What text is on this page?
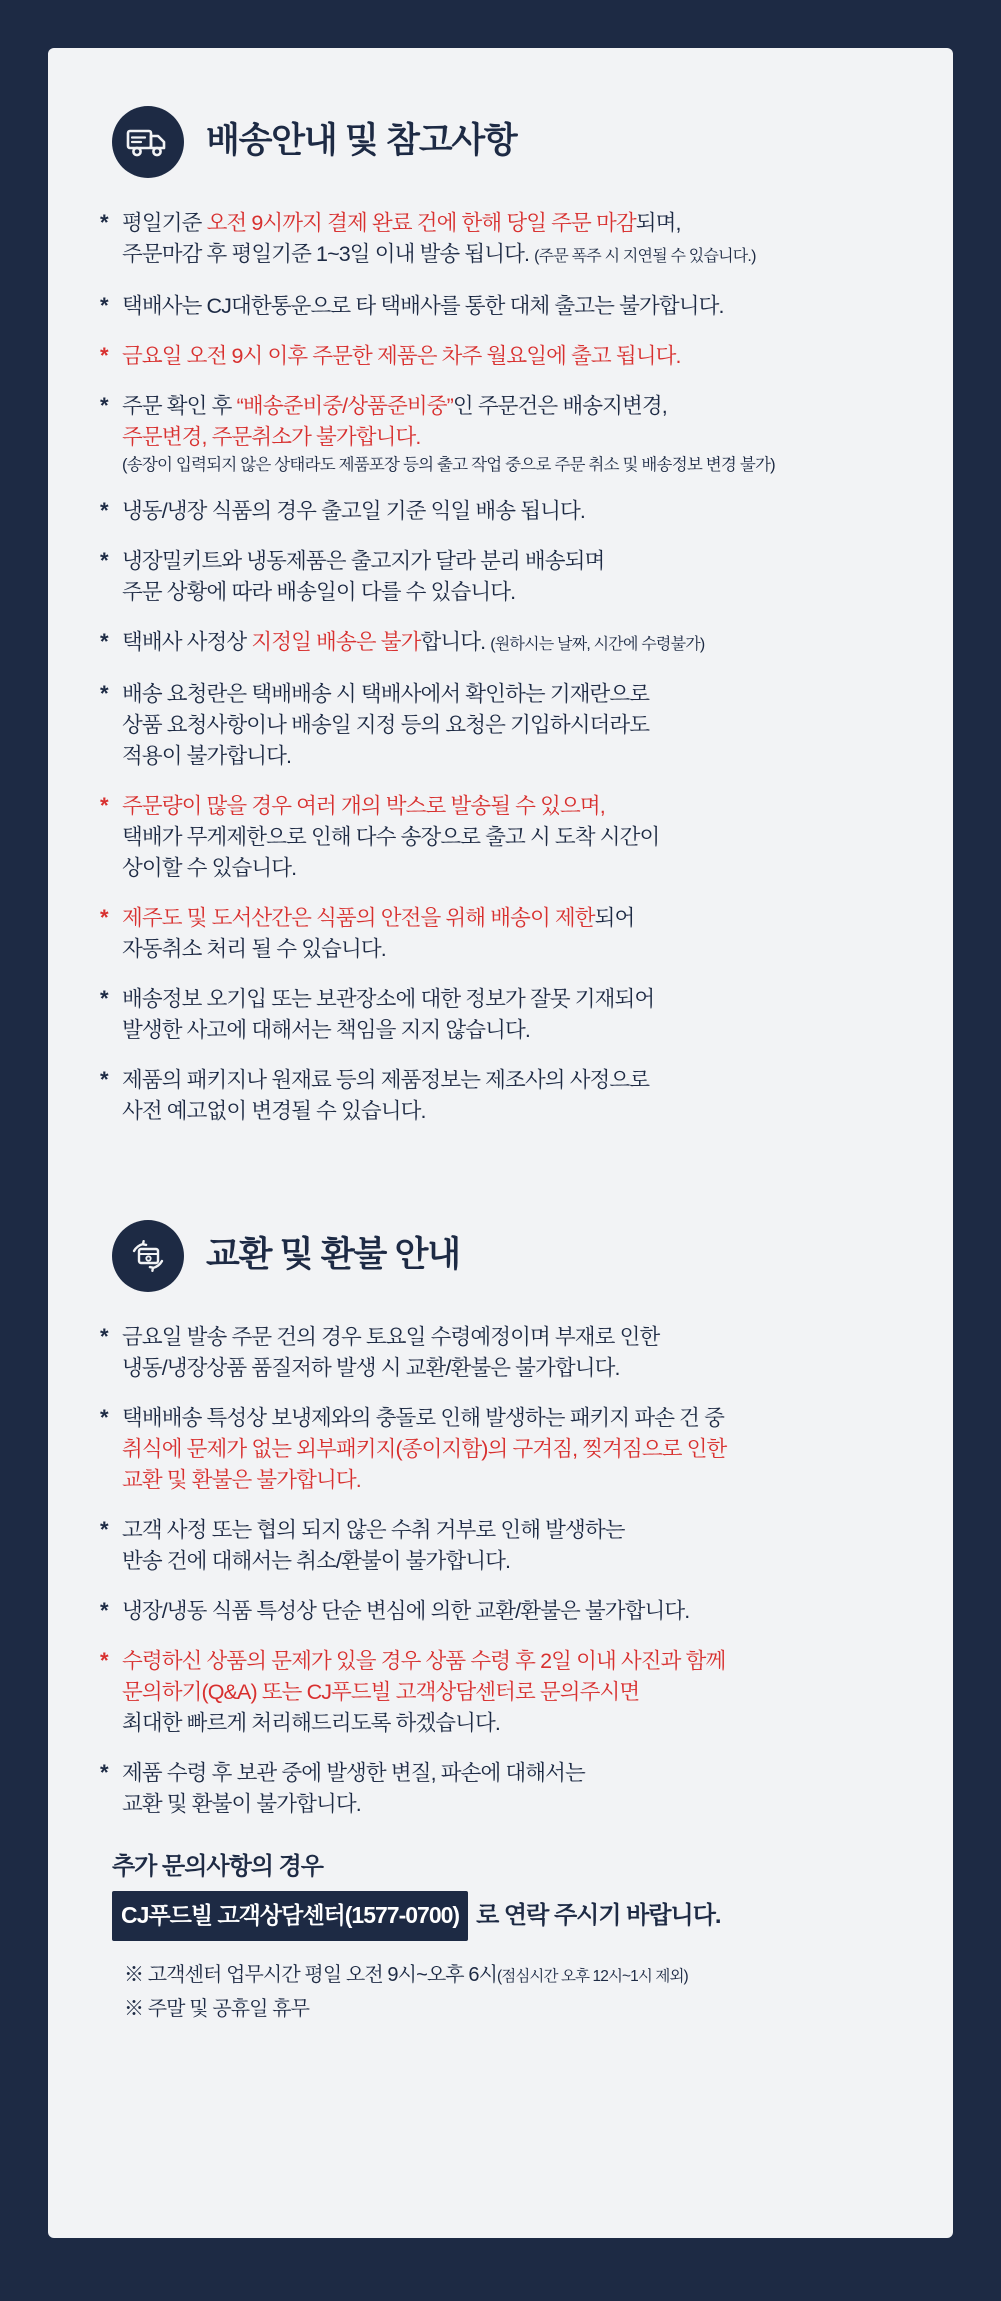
배송안내 및 참고사항
* 평일기준 오전 9시까지 결제 완료 건에 한해 당일 주문 마감되며,
주문마감 후 평일기준 1~3일 이내 발송 됩니다. (주문 폭주 시 지연될 수 있습니다.)
* 택배사는 CJ대한통운으로 타 택배사를 통한 대체 출고는 불가합니다.
* 금요일 오전 9시 이후 주문한 제품은 차주 월요일에 출고 됩니다.
* 주문 확인 후 “배송준비중/상품준비중”인 주문건은 배송지변경,
주문변경, 주문취소가 불가합니다.
(송장이 입력되지 않은 상태라도 제품포장 등의 출고 작업 중으로 주문 취소 및 배송정보 변경 불가)
* 냉동/냉장 식품의 경우 출고일 기준 익일 배송 됩니다.
* 냉장밀키트와 냉동제품은 출고지가 달라 분리 배송되며
주문 상황에 따라 배송일이 다를 수 있습니다.
* 택배사 사정상 지정일 배송은 불가합니다. (원하시는 날짜, 시간에 수령불가)
* 배송 요청란은 택배배송 시 택배사에서 확인하는 기재란으로
상품 요청사항이나 배송일 지정 등의 요청은 기입하시더라도
적용이 불가합니다.
* 주문량이 많을 경우 여러 개의 박스로 발송될 수 있으며,
택배가 무게제한으로 인해 다수 송장으로 출고 시 도착 시간이
상이할 수 있습니다.
* 제주도 및 도서산간은 식품의 안전을 위해 배송이 제한되어
자동취소 처리 될 수 있습니다.
* 배송정보 오기입 또는 보관장소에 대한 정보가 잘못 기재되어
발생한 사고에 대해서는 책임을 지지 않습니다.
* 제품의 패키지나 원재료 등의 제품정보는 제조사의 사정으로
사전 예고없이 변경될 수 있습니다.
교환 및 환불 안내
* 금요일 발송 주문 건의 경우 토요일 수령예정이며 부재로 인한
냉동/냉장상품 품질저하 발생 시 교환/환불은 불가합니다.
* 택배배송 특성상 보냉제와의 충돌로 인해 발생하는 패키지 파손 건 중
취식에 문제가 없는 외부패키지(종이지함)의 구겨짐, 찢겨짐으로 인한
교환 및 환불은 불가합니다.
* 고객 사정 또는 협의 되지 않은 수취 거부로 인해 발생하는
반송 건에 대해서는 취소/환불이 불가합니다.
* 냉장/냉동 식품 특성상 단순 변심에 의한 교환/환불은 불가합니다.
* 수령하신 상품의 문제가 있을 경우 상품 수령 후 2일 이내 사진과 함께
문의하기(Q&A) 또는 CJ푸드빌 고객상담센터로 문의주시면
최대한 빠르게 처리해드리도록 하겠습니다.
* 제품 수령 후 보관 중에 발생한 변질, 파손에 대해서는
교환 및 환불이 불가합니다.
추가 문의사항의 경우
CJ푸드빌 고객상담센터(1577-0700) 로 연락 주시기 바랍니다.
※ 고객센터 업무시간 평일 오전 9시~오후 6시(점심시간 오후 12시~1시 제외)
※ 주말 및 공휴일 휴무
